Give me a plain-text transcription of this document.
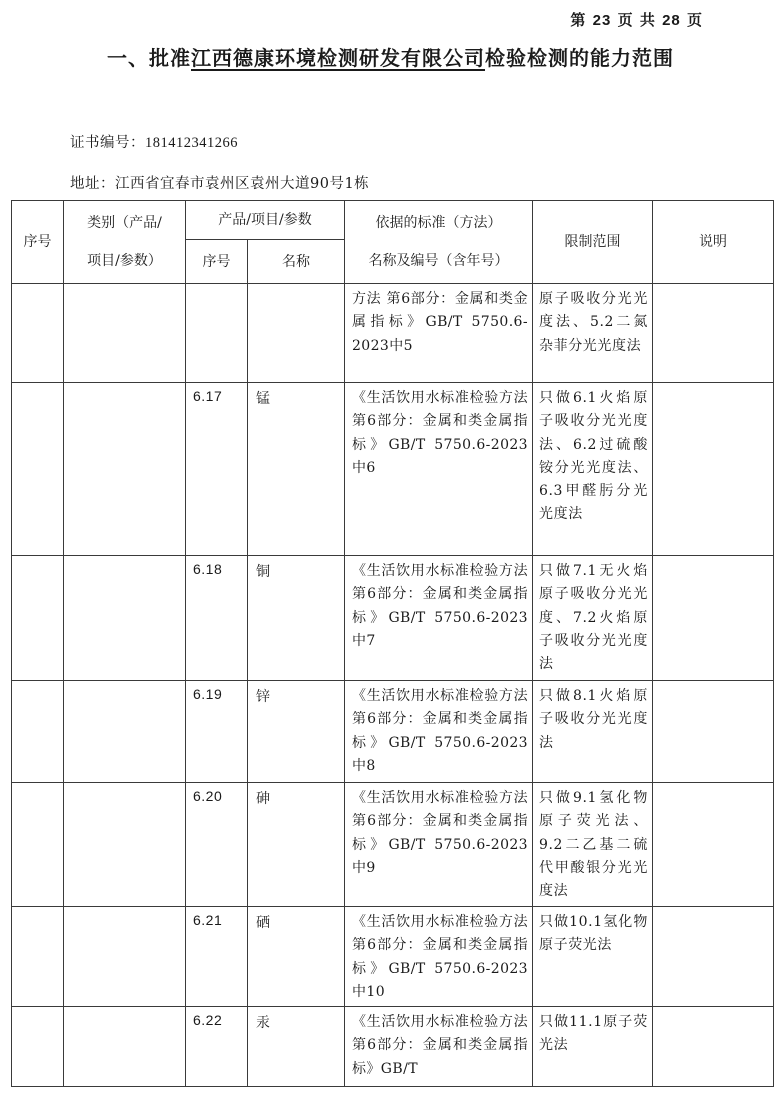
第 23 页 共 28 页
一、批准江西德康环境检测研发有限公司检验检测的能力范围
证书编号：181412341266
地址：江西省宜春市袁州区袁州大道90号1栋
序号	类别（产品/
项目/参数）	产品/项目/参数		依据的标准（方法）
名称及编号（含年号）	限制范围	说明

		序号	名称			

				方法 第6部分：金属和类金属指标》GB/T 5750.6-2023中5	原子吸收分光光度法、5.2二氮杂菲分光光度法	
		6.17	锰	《生活饮用水标准检验方法 第6部分：金属和类金属指标》GB/T 5750.6-2023中6	只做6.1火焰原子吸收分光光度法、6.2过硫酸铵分光光度法、6.3甲醛肟分光光度法	
		6.18	铜	《生活饮用水标准检验方法 第6部分：金属和类金属指标》GB/T 5750.6-2023中7	只做7.1无火焰原子吸收分光光度、7.2火焰原子吸收分光光度法	
		6.19	锌	《生活饮用水标准检验方法 第6部分：金属和类金属指标》GB/T 5750.6-2023中8	只做8.1火焰原子吸收分光光度法	
		6.20	砷	《生活饮用水标准检验方法 第6部分：金属和类金属指标》GB/T 5750.6-2023中9	只做9.1氢化物原子荧光法、9.2二乙基二硫代甲酸银分光光度法	
		6.21	硒	《生活饮用水标准检验方法 第6部分：金属和类金属指标》GB/T 5750.6-2023中10	只做10.1氢化物原子荧光法	
		6.22	汞	《生活饮用水标准检验方法 第6部分：金属和类金属指标》GB/T	只做11.1原子荧光法	
